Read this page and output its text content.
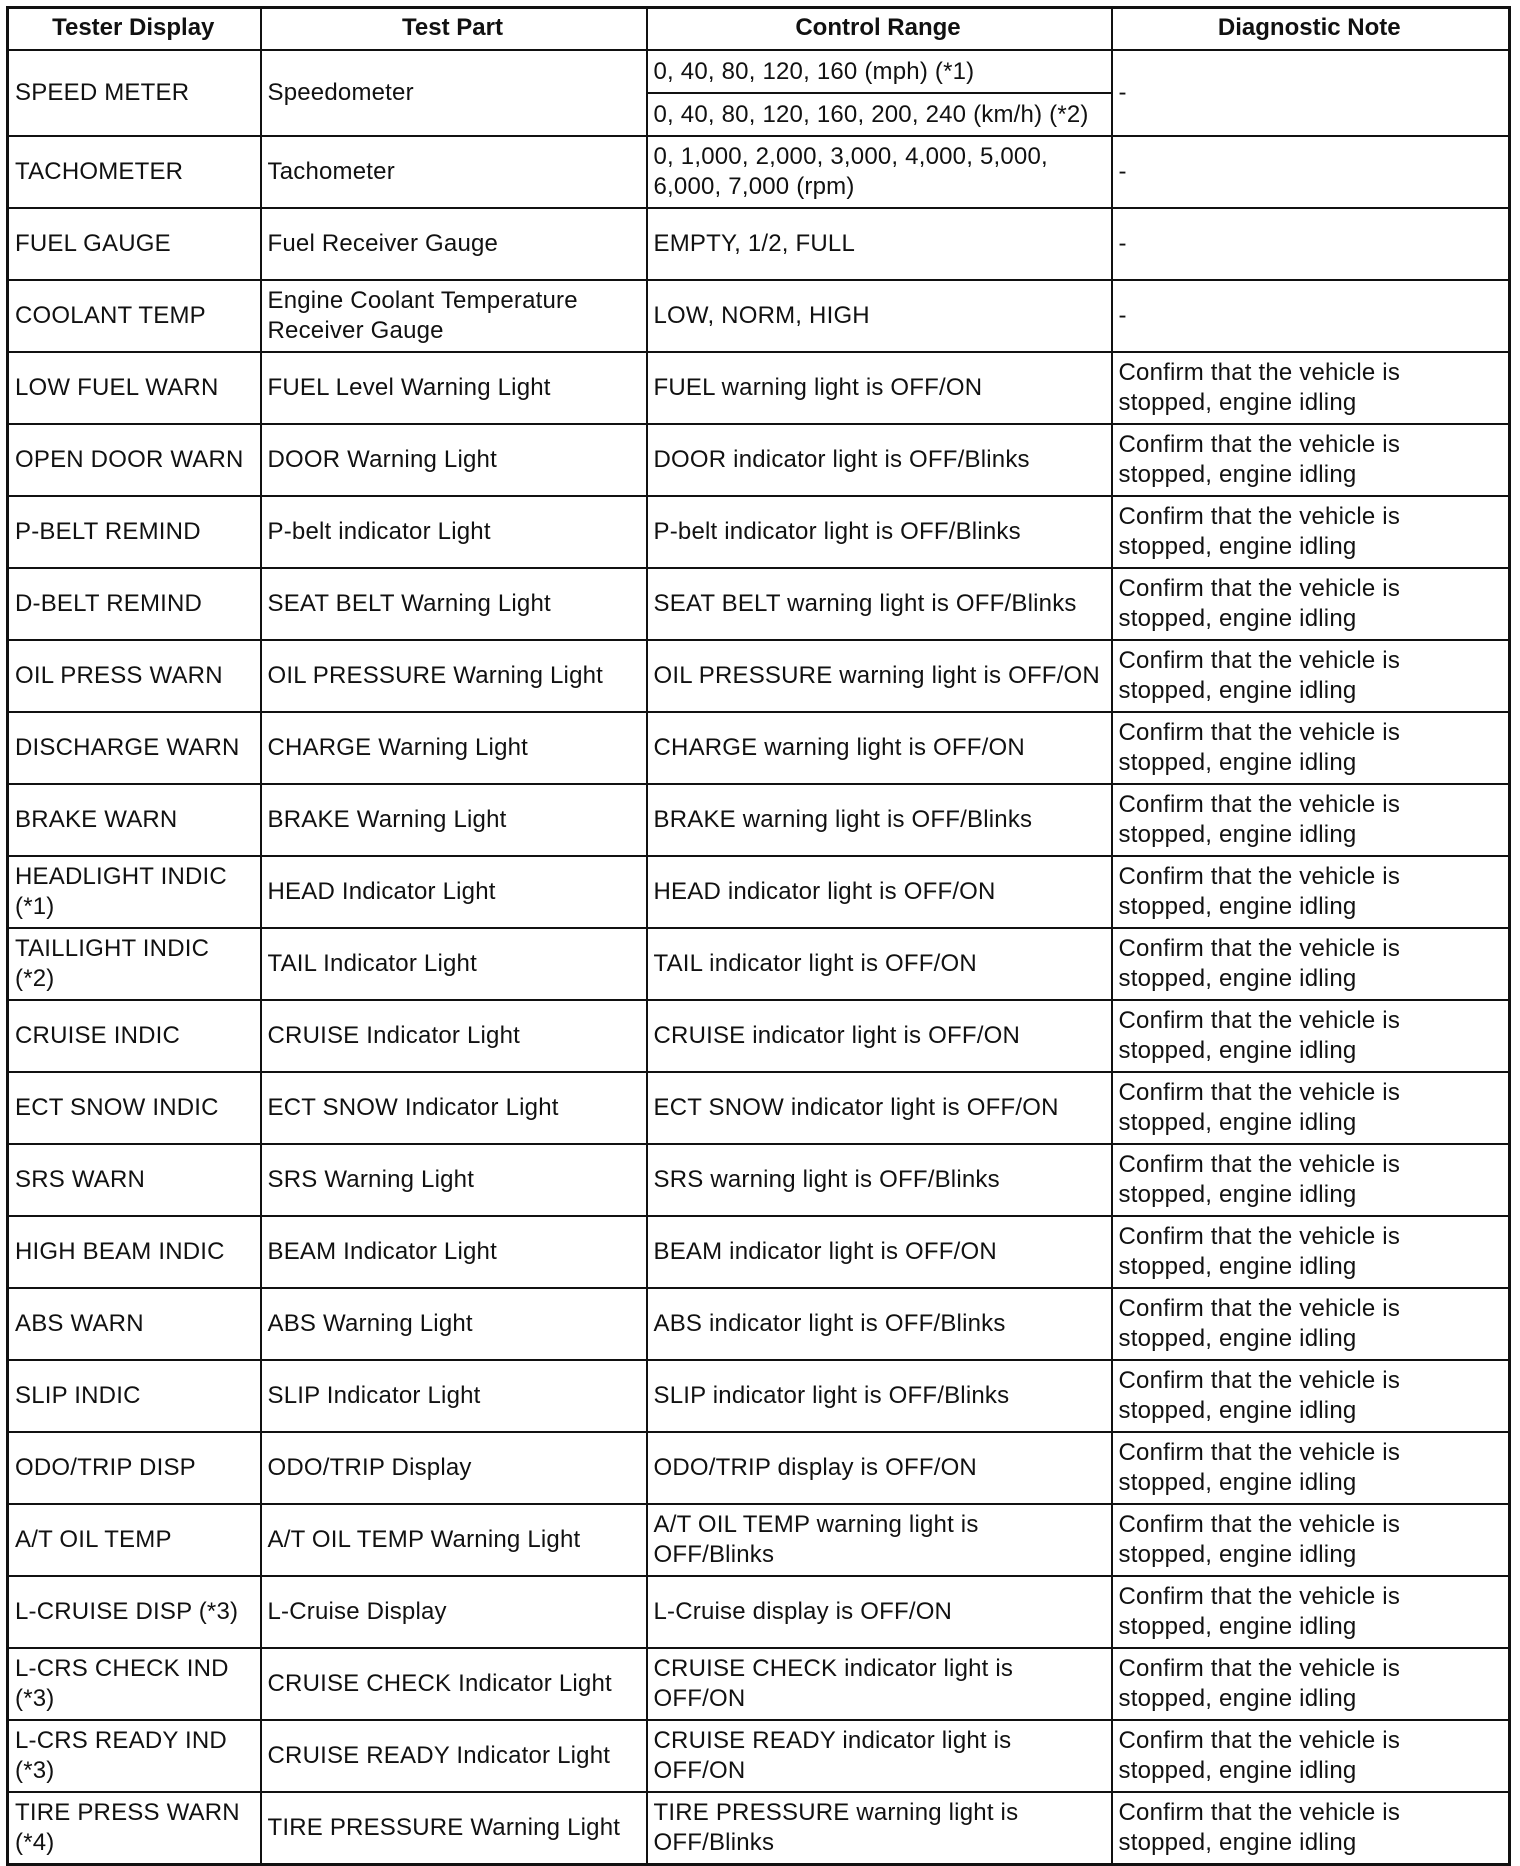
Tester Display	Test Part	Control Range	Diagnostic Note
SPEED METER	Speedometer	0, 40, 80, 120, 160 (mph) (*1)	-
		0, 40, 80, 120, 160, 200, 240 (km/h) (*2)	
TACHOMETER	Tachometer	0, 1,000, 2,000, 3,000, 4,000, 5,000, 6,000, 7,000 (rpm)	-
FUEL GAUGE	Fuel Receiver Gauge	EMPTY, 1/2, FULL	-
COOLANT TEMP	Engine Coolant Temperature Receiver Gauge	LOW, NORM, HIGH	-
LOW FUEL WARN	FUEL Level Warning Light	FUEL warning light is OFF/ON	Confirm that the vehicle is stopped, engine idling
OPEN DOOR WARN	DOOR Warning Light	DOOR indicator light is OFF/Blinks	Confirm that the vehicle is stopped, engine idling
P-BELT REMIND	P-belt indicator Light	P-belt indicator light is OFF/Blinks	Confirm that the vehicle is stopped, engine idling
D-BELT REMIND	SEAT BELT Warning Light	SEAT BELT warning light is OFF/Blinks	Confirm that the vehicle is stopped, engine idling
OIL PRESS WARN	OIL PRESSURE Warning Light	OIL PRESSURE warning light is OFF/ON	Confirm that the vehicle is stopped, engine idling
DISCHARGE WARN	CHARGE Warning Light	CHARGE warning light is OFF/ON	Confirm that the vehicle is stopped, engine idling
BRAKE WARN	BRAKE Warning Light	BRAKE warning light is OFF/Blinks	Confirm that the vehicle is stopped, engine idling
HEADLIGHT INDIC (*1)	HEAD Indicator Light	HEAD indicator light is OFF/ON	Confirm that the vehicle is stopped, engine idling
TAILLIGHT INDIC (*2)	TAIL Indicator Light	TAIL indicator light is OFF/ON	Confirm that the vehicle is stopped, engine idling
CRUISE INDIC	CRUISE Indicator Light	CRUISE indicator light is OFF/ON	Confirm that the vehicle is stopped, engine idling
ECT SNOW INDIC	ECT SNOW Indicator Light	ECT SNOW indicator light is OFF/ON	Confirm that the vehicle is stopped, engine idling
SRS WARN	SRS Warning Light	SRS warning light is OFF/Blinks	Confirm that the vehicle is stopped, engine idling
HIGH BEAM INDIC	BEAM Indicator Light	BEAM indicator light is OFF/ON	Confirm that the vehicle is stopped, engine idling
ABS WARN	ABS Warning Light	ABS indicator light is OFF/Blinks	Confirm that the vehicle is stopped, engine idling
SLIP INDIC	SLIP Indicator Light	SLIP indicator light is OFF/Blinks	Confirm that the vehicle is stopped, engine idling
ODO/TRIP DISP	ODO/TRIP Display	ODO/TRIP display is OFF/ON	Confirm that the vehicle is stopped, engine idling
A/T OIL TEMP	A/T OIL TEMP Warning Light	A/T OIL TEMP warning light is OFF/Blinks	Confirm that the vehicle is stopped, engine idling
L-CRUISE DISP (*3)	L-Cruise Display	L-Cruise display is OFF/ON	Confirm that the vehicle is stopped, engine idling
L-CRS CHECK IND (*3)	CRUISE CHECK Indicator Light	CRUISE CHECK indicator light is OFF/ON	Confirm that the vehicle is stopped, engine idling
L-CRS READY IND (*3)	CRUISE READY Indicator Light	CRUISE READY indicator light is OFF/ON	Confirm that the vehicle is stopped, engine idling
TIRE PRESS WARN (*4)	TIRE PRESSURE Warning Light	TIRE PRESSURE warning light is OFF/Blinks	Confirm that the vehicle is stopped, engine idling
